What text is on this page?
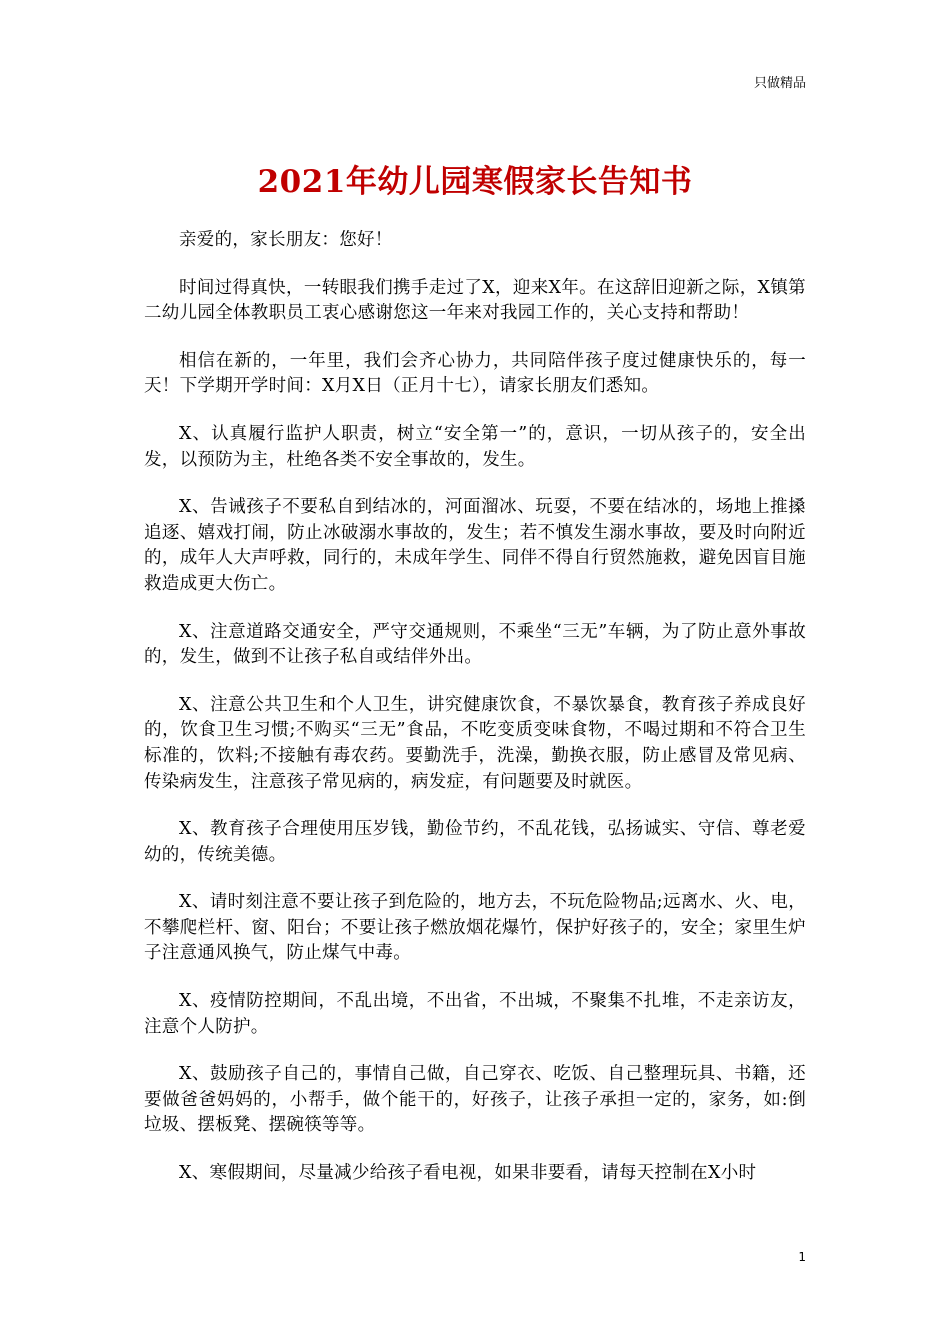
只做精品
2021年幼儿园寒假家长告知书

亲爱的，家长朋友：您好！

时间过得真快，一转眼我们携手走过了X，迎来X年。在这辞旧迎新之际，X镇第二幼儿园全体教职员工衷心感谢您这一年来对我园工作的，关心支持和帮助！

相信在新的，一年里，我们会齐心协力，共同陪伴孩子度过健康快乐的，每一天！下学期开学时间：X月X日（正月十七），请家长朋友们悉知。

X、认真履行监护人职责，树立“安全第一”的，意识，一切从孩子的，安全出发，以预防为主，杜绝各类不安全事故的，发生。

X、告诫孩子不要私自到结冰的，河面溜冰、玩耍，不要在结冰的，场地上推搡追逐、嬉戏打闹，防止冰破溺水事故的，发生；若不慎发生溺水事故，要及时向附近的，成年人大声呼救，同行的，未成年学生、同伴不得自行贸然施救，避免因盲目施救造成更大伤亡。

X、注意道路交通安全，严守交通规则，不乘坐“三无”车辆，为了防止意外事故的，发生，做到不让孩子私自或结伴外出。

X、注意公共卫生和个人卫生，讲究健康饮食，不暴饮暴食，教育孩子养成良好的，饮食卫生习惯;不购买“三无”食品，不吃变质变味食物，不喝过期和不符合卫生标准的，饮料;不接触有毒农药。要勤洗手，洗澡，勤换衣服，防止感冒及常见病、传染病发生，注意孩子常见病的，病发症，有问题要及时就医。

X、教育孩子合理使用压岁钱，勤俭节约，不乱花钱，弘扬诚实、守信、尊老爱幼的，传统美德。

X、请时刻注意不要让孩子到危险的，地方去，不玩危险物品;远离水、火、电，不攀爬栏杆、窗、阳台；不要让孩子燃放烟花爆竹，保护好孩子的，安全；家里生炉子注意通风换气，防止煤气中毒。

X、疫情防控期间，不乱出境，不出省，不出城，不聚集不扎堆，不走亲访友，注意个人防护。

X、鼓励孩子自己的，事情自己做，自己穿衣、吃饭、自己整理玩具、书籍，还要做爸爸妈妈的，小帮手，做个能干的，好孩子，让孩子承担一定的，家务，如:倒垃圾、摆板凳、摆碗筷等等。

X、寒假期间，尽量减少给孩子看电视，如果非要看，请每天控制在X小时

1
